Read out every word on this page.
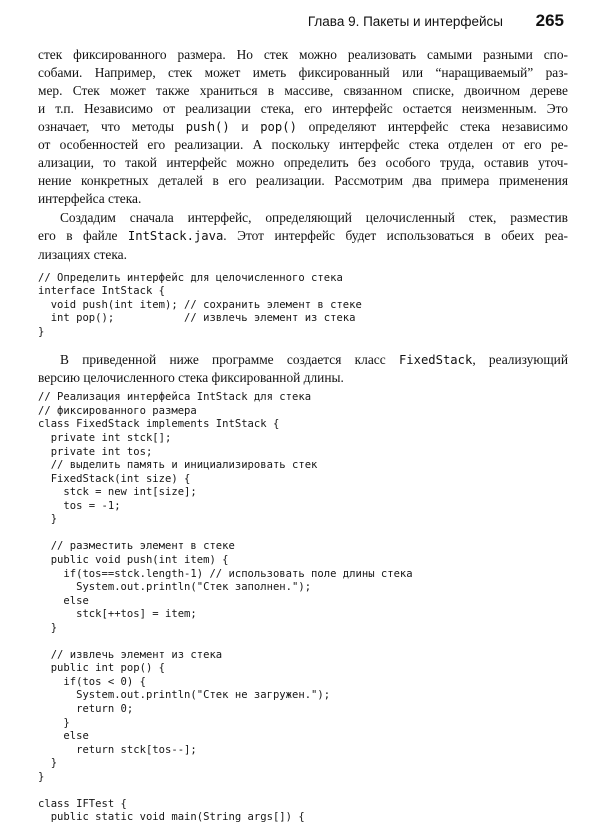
Глава 9. Пакеты и интерфейсы 265

стек фиксированного размера. Но стек можно реализовать самыми разными спо-
собами. Например, стек может иметь фиксированный или “наращиваемый” раз-
мер. Стек может также храниться в массиве, связанном списке, двоичном дереве
и т.п. Независимо от реализации стека, его интерфейс остается неизменным. Это
означает, что методы push() и pop() определяют интерфейс стека независимо
от особенностей его реализации. А поскольку интерфейс стека отделен от его ре-
ализации, то такой интерфейс можно определить без особого труда, оставив уточ-
нение конкретных деталей в его реализации. Рассмотрим два примера применения
интерфейса стека.

Создадим сначала интерфейс, определяющий целочисленный стек, разместив
его в файле IntStack.java. Этот интерфейс будет использоваться в обеих реа-
лизациях стека.

// Определить интерфейс для целочисленного стека
interface IntStack {
void push(int item); // сохранить элемент в стеке
int pop();           // извлечь элемент из стека
}

В приведенной ниже программе создается класс FixedStack, реализующий
версию целочисленного стека фиксированной длины.

// Реализация интерфейса IntStack для стека
// фиксированного размера
class FixedStack implements IntStack {
private int stck[];
private int tos;
// выделить память и инициализировать стек
FixedStack(int size) {
stck = new int[size];
tos = -1;
}

// разместить элемент в стеке
public void push(int item) {
if(tos==stck.length-1) // использовать поле длины стека
System.out.println("Стек заполнен.");
else
stck[++tos] = item;
}

// извлечь элемент из стека
public int pop() {
if(tos < 0) {
System.out.println("Стек не загружен.");
return 0;
}
else
return stck[tos--];
}
}

class IFTest {
public static void main(String args[]) {
